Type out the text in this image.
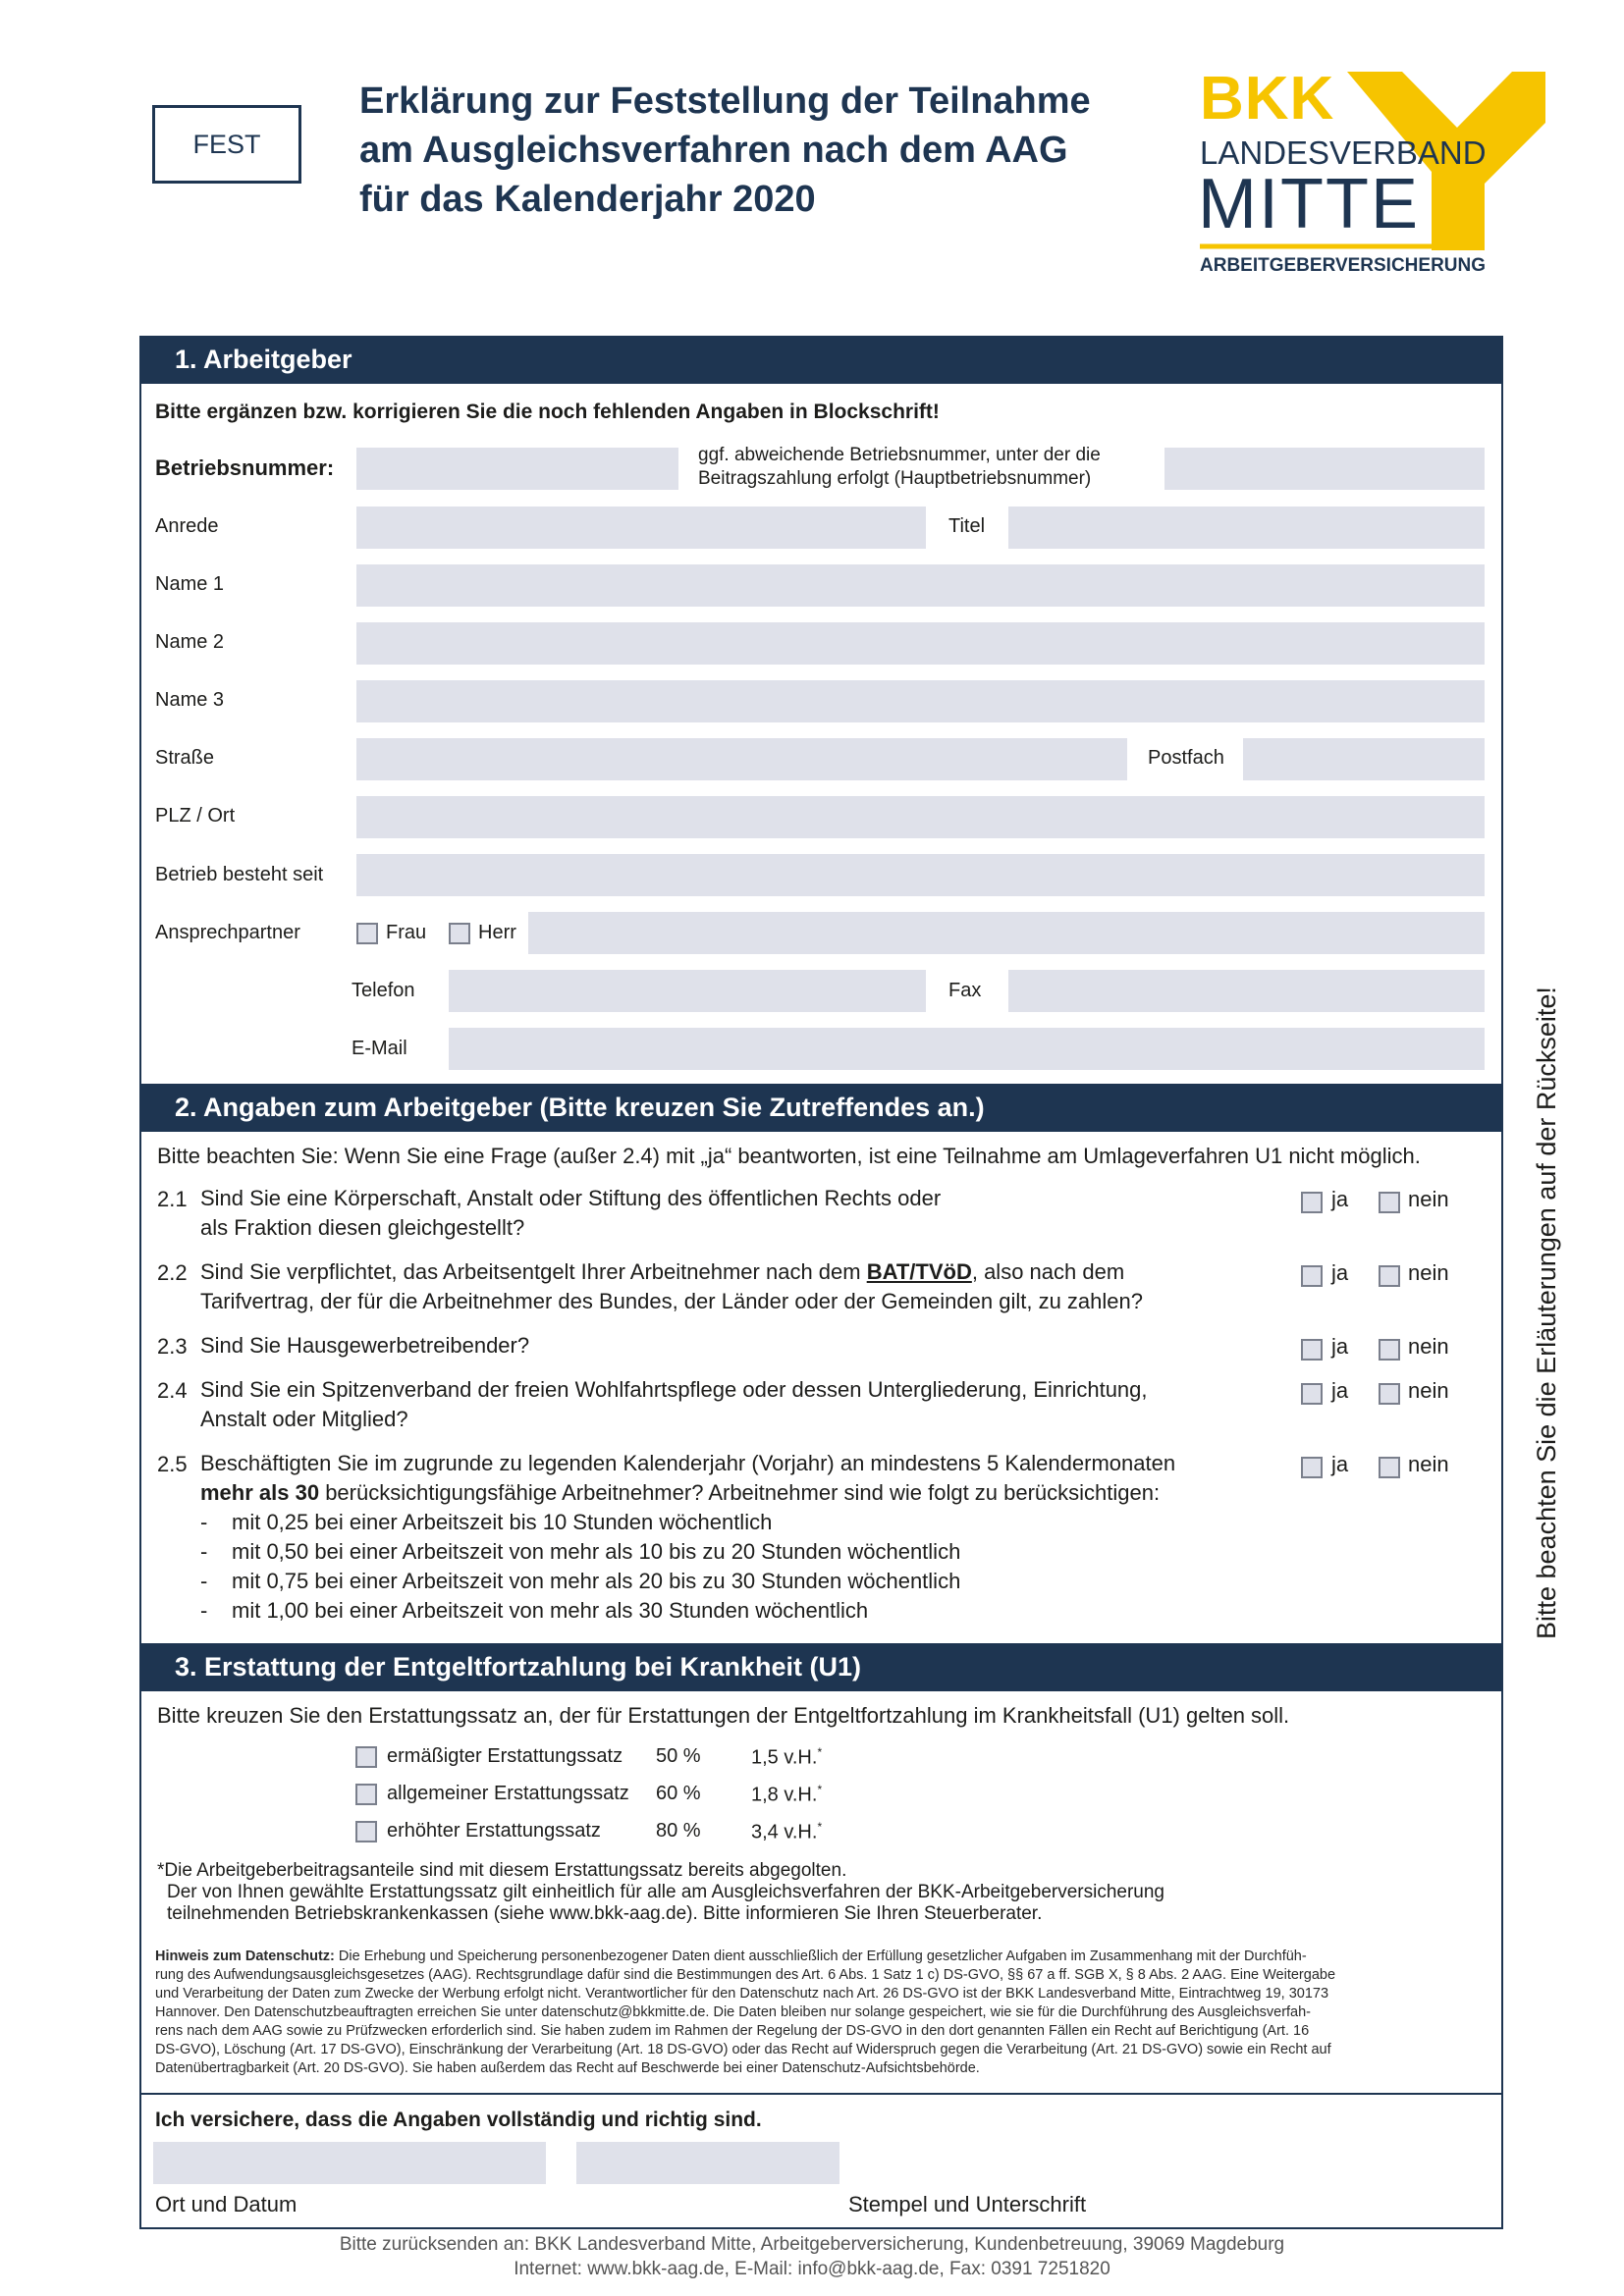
FEST
Erklärung zur Feststellung der Teilnahme
am Ausgleichsverfahren nach dem AAG
für das Kalenderjahr 2020
BKK
LANDESVERBAND
MITTE
ARBEITGEBERVERSICHERUNG
1. Arbeitgeber
Bitte ergänzen bzw. korrigieren Sie die noch fehlenden Angaben in Blockschrift!
Betriebsnummer:
ggf. abweichende Betriebsnummer, unter der die
Beitragszahlung erfolgt (Hauptbetriebsnummer)
Anrede	Titel
Name 1
Name 2
Name 3
Straße	Postfach
PLZ / Ort
Betrieb besteht seit
Ansprechpartner	Frau	Herr
Telefon	Fax
E-Mail
2. Angaben zum Arbeitgeber (Bitte kreuzen Sie Zutreffendes an.)
Bitte beachten Sie: Wenn Sie eine Frage (außer 2.4) mit „ja“ beantworten, ist eine Teilnahme am Umlageverfahren U1 nicht möglich.
2.1 Sind Sie eine Körperschaft, Anstalt oder Stiftung des öffentlichen Rechts oder
als Fraktion diesen gleichgestellt?
ja	nein
2.2 Sind Sie verpflichtet, das Arbeitsentgelt Ihrer Arbeitnehmer nach dem BAT/TVöD, also nach dem
Tarifvertrag, der für die Arbeitnehmer des Bundes, der Länder oder der Gemeinden gilt, zu zahlen?
ja	nein
2.3 Sind Sie Hausgewerbetreibender?	ja	nein
2.4 Sind Sie ein Spitzenverband der freien Wohlfahrtspflege oder dessen Untergliederung, Einrichtung,
Anstalt oder Mitglied?
ja	nein
2.5 Beschäftigten Sie im zugrunde zu legenden Kalenderjahr (Vorjahr) an mindestens 5 Kalendermonaten
mehr als 30 berücksichtigungsfähige Arbeitnehmer? Arbeitnehmer sind wie folgt zu berücksichtigen:
-	mit 0,25 bei einer Arbeitszeit bis 10 Stunden wöchentlich
-	mit 0,50 bei einer Arbeitszeit von mehr als 10 bis zu 20 Stunden wöchentlich
-	mit 0,75 bei einer Arbeitszeit von mehr als 20 bis zu 30 Stunden wöchentlich
-	mit 1,00 bei einer Arbeitszeit von mehr als 30 Stunden wöchentlich
ja	nein
3. Erstattung der Entgeltfortzahlung bei Krankheit (U1)
Bitte kreuzen Sie den Erstattungssatz an, der für Erstattungen der Entgeltfortzahlung im Krankheitsfall (U1) gelten soll.
ermäßigter Erstattungssatz 50 %	1,5 v.H.*
allgemeiner Erstattungssatz 60 %	1,8 v.H.*
erhöhter Erstattungssatz	80 %	3,4 v.H.*
*Die Arbeitgeberbeitragsanteile sind mit diesem Erstattungssatz bereits abgegolten.
Der von Ihnen gewählte Erstattungssatz gilt einheitlich für alle am Ausgleichsverfahren der BKK-Arbeitgeberversicherung
teilnehmenden Betriebskrankenkassen (siehe www.bkk-aag.de). Bitte informieren Sie Ihren Steuerberater.
Hinweis zum Datenschutz: Die Erhebung und Speicherung personenbezogener Daten dient ausschließlich der Erfüllung gesetzlicher Aufgaben im Zusammenhang mit der Durchfüh-
rung des Aufwendungsausgleichsgesetzes (AAG). Rechtsgrundlage dafür sind die Bestimmungen des Art. 6 Abs. 1 Satz 1 c) DS-GVO, §§ 67 a ff. SGB X, § 8 Abs. 2 AAG. Eine Weitergabe
und Verarbeitung der Daten zum Zwecke der Werbung erfolgt nicht. Verantwortlicher für den Datenschutz nach Art. 26 DS-GVO ist der BKK Landesverband Mitte, Eintrachtweg 19, 30173
Hannover. Den Datenschutzbeauftragten erreichen Sie unter datenschutz@bkkmitte.de. Die Daten bleiben nur solange gespeichert, wie sie für die Durchführung des Ausgleichsverfah-
rens nach dem AAG sowie zu Prüfzwecken erforderlich sind. Sie haben zudem im Rahmen der Regelung der DS-GVO in den dort genannten Fällen ein Recht auf Berichtigung (Art. 16
DS-GVO), Löschung (Art. 17 DS-GVO), Einschränkung der Verarbeitung (Art. 18 DS-GVO) oder das Recht auf Widerspruch gegen die Verarbeitung (Art. 21 DS-GVO) sowie ein Recht auf
Datenübertragbarkeit (Art. 20 DS-GVO). Sie haben außerdem das Recht auf Beschwerde bei einer Datenschutz-Aufsichtsbehörde.
Ich versichere, dass die Angaben vollständig und richtig sind.
Ort und Datum	Stempel und Unterschrift
Bitte beachten Sie die Erläuterungen auf der Rückseite!
Bitte zurücksenden an: BKK Landesverband Mitte, Arbeitgeberversicherung, Kundenbetreuung, 39069 Magdeburg
Internet: www.bkk-aag.de, E-Mail: info@bkk-aag.de, Fax: 0391 7251820
